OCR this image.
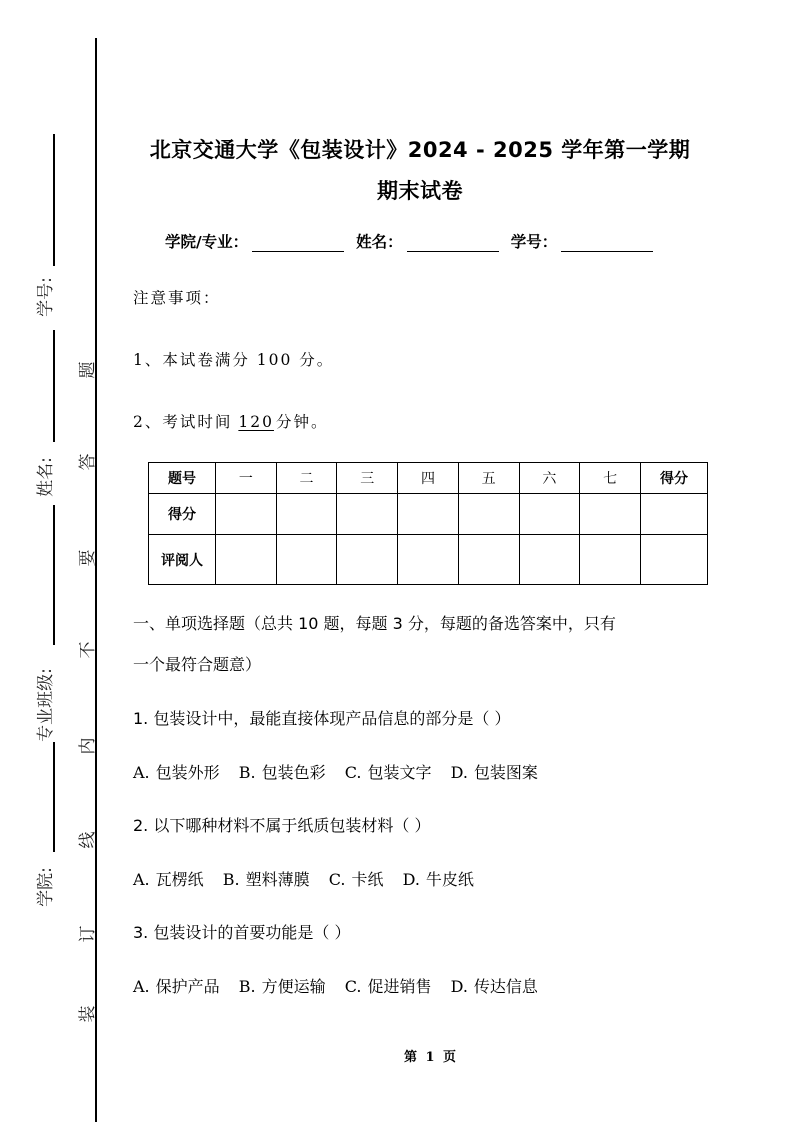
学号:
姓名:
专业班级:
学院:
题
答
要
不
内
线
订
装
北京交通大学《包装设计》2024 - 2025 学年第一学期
期末试卷
学院/专业：	姓名：	学号：
注意事项：
1、本试卷满分 100 分。
2、考试时间 120 分钟。
题号	一	二	三	四	五	六	七	得分
得分								
评阅人								
一、单项选择题（总共 10 题，每题 3 分，每题的备选答案中，只有
一个最符合题意）
1. 包装设计中，最能直接体现产品信息的部分是（ ）
A. 包装外形 B. 包装色彩 C. 包装文字 D. 包装图案
2. 以下哪种材料不属于纸质包装材料（ ）
A. 瓦楞纸 B. 塑料薄膜 C. 卡纸 D. 牛皮纸
3. 包装设计的首要功能是（ ）
A. 保护产品 B. 方便运输 C. 促进销售 D. 传达信息
第 1 页
